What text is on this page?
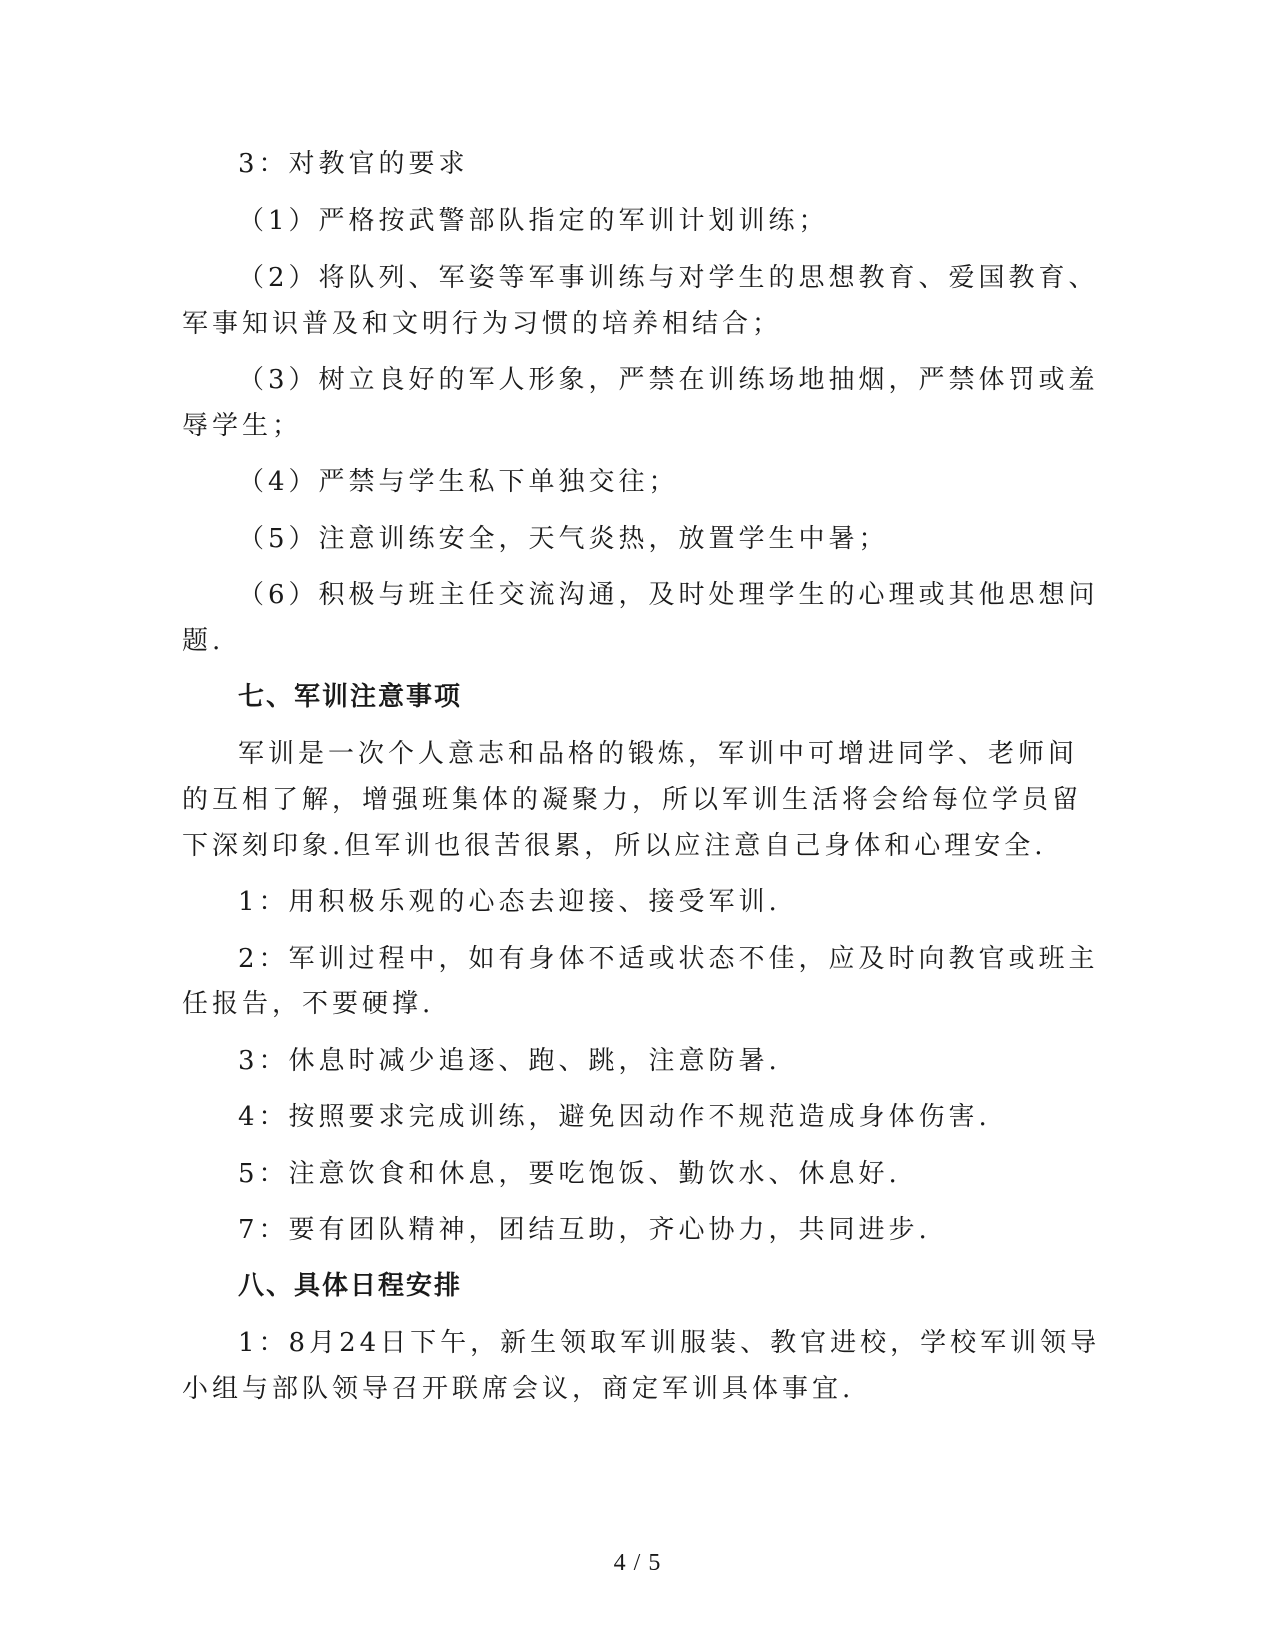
3：对教官的要求
（1）严格按武警部队指定的军训计划训练；
（2）将队列、军姿等军事训练与对学生的思想教育、爱国教育、
军事知识普及和文明行为习惯的培养相结合；
（3）树立良好的军人形象，严禁在训练场地抽烟，严禁体罚或羞
辱学生；
（4）严禁与学生私下单独交往；
（5）注意训练安全，天气炎热，放置学生中暑；
（6）积极与班主任交流沟通，及时处理学生的心理或其他思想问
题.
七、军训注意事项
军训是一次个人意志和品格的锻炼，军训中可增进同学、老师间
的互相了解，增强班集体的凝聚力，所以军训生活将会给每位学员留
下深刻印象.但军训也很苦很累，所以应注意自己身体和心理安全.
1：用积极乐观的心态去迎接、接受军训.
2：军训过程中，如有身体不适或状态不佳，应及时向教官或班主
任报告，不要硬撑.
3：休息时减少追逐、跑、跳，注意防暑.
4：按照要求完成训练，避免因动作不规范造成身体伤害.
5：注意饮食和休息，要吃饱饭、勤饮水、休息好.
7：要有团队精神，团结互助，齐心协力，共同进步.
八、具体日程安排
1：8月24日下午，新生领取军训服装、教官进校，学校军训领导
小组与部队领导召开联席会议，商定军训具体事宜.
4 / 5
